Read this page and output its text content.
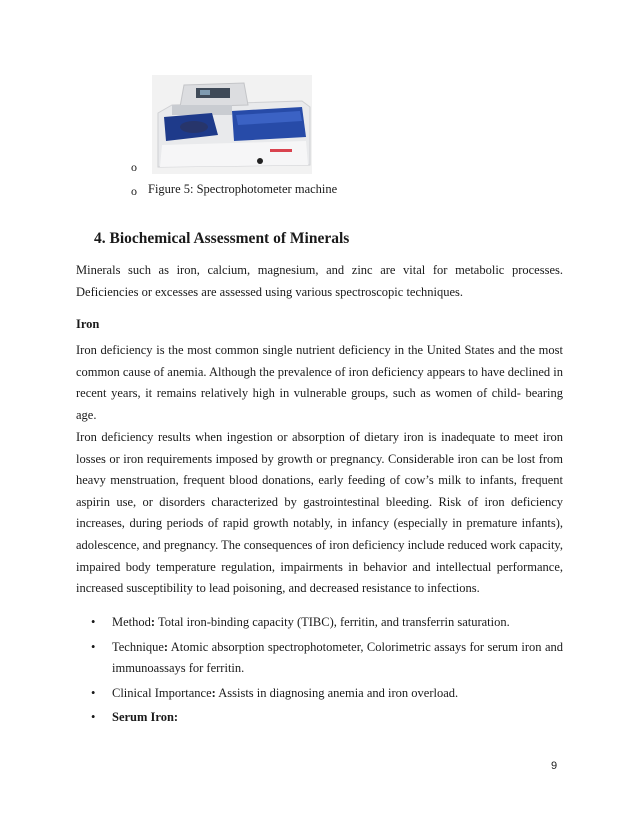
o
o Figure 5: Spectrophotometer machine
4. Biochemical Assessment of Minerals

Minerals such as iron, calcium, magnesium, and zinc are vital for metabolic processes. Deficiencies or excesses are assessed using various spectroscopic techniques.

Iron

Iron deficiency is the most common single nutrient deficiency in the United States and the most common cause of anemia. Although the prevalence of iron deficiency appears to have declined in recent years, it remains relatively high in vulnerable groups, such as women of child- bearing age.

Iron deficiency results when ingestion or absorption of dietary iron is inadequate to meet iron losses or iron requirements imposed by growth or pregnancy. Considerable iron can be lost from heavy menstruation, frequent blood donations, early feeding of cow’s milk to infants, frequent aspirin use, or disorders characterized by gastrointestinal bleeding. Risk of iron deficiency increases, during periods of rapid growth notably, in infancy (especially in premature infants), adolescence, and pregnancy. The consequences of iron deficiency include reduced work capacity, impaired body temperature regulation, impairments in behavior and intellectual performance, increased susceptibility to lead poisoning, and decreased resistance to infections.

• Method: Total iron-binding capacity (TIBC), ferritin, and transferrin saturation.
• Technique: Atomic absorption spectrophotometer, Colorimetric assays for serum iron and immunoassays for ferritin.
• Clinical Importance: Assists in diagnosing anemia and iron overload.
• Serum Iron:
9
